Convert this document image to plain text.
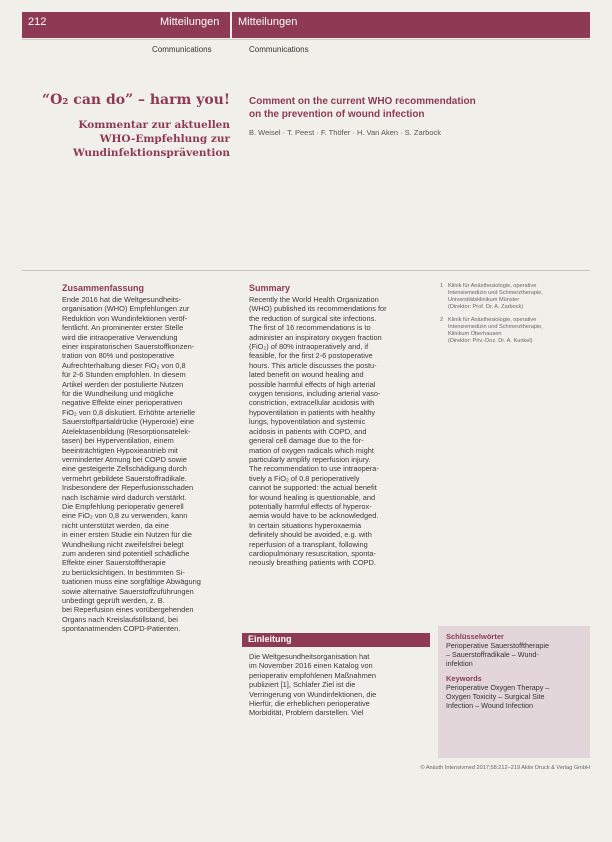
212	Mitteilungen Mitteilungen
Communications	Communications
“O₂ can do” – harm you!
Kommentar zur aktuellen
WHO-Empfehlung zur
Wundinfektionsprävention
Comment on the current WHO recommendation
on the prevention of wound infection
B. Weisel · T. Peest · F. Thöfer · H. Van Aken · S. Zarbock
Zusammenfassung
Ende 2016 hat die Weltgesundheits-
organisation (WHO) Empfehlungen zur
Reduktion von Wundinfektionen veröf-
fentlicht. An prominenter erster Stelle
wird die intraoperative Verwendung
einer inspiratorischen Sauerstoffkonzen-
tration von 80% und postoperative
Aufrechterhaltung dieser FiO₂ von 0,8
für 2-6 Stunden empfohlen. In diesem
Artikel werden der postulierte Nutzen
für die Wundheilung und mögliche
negative Effekte einer perioperativen
FiO₂ von 0,8 diskutiert. Erhöhte arterielle
Sauerstoffpartialdrücke (Hyperoxie) eine
Atelektasenbildung (Resorptionsatelek-
tasen) bei Hyperventilation, einem
beeinträchtigten Hypoxieantrieb mit
verminderter Atmung bei COPD sowie
eine gesteigerte Zellschädigung durch
vermehrt gebildete Sauerstoffradikale.
Insbesondere der Reperfusionsschaden
nach Ischämie wird dadurch verstärkt.
Die Empfehlung perioperativ generell
eine FiO₂ von 0,8 zu verwenden, kann
nicht unterstützt werden, da eine
in einer ersten Studie ein Nutzen für die
Wundheilung nicht zweifelsfrei belegt
zum anderen sind potentiell schädliche
Effekte einer Sauerstofftherapie
zu berücksichtigen. In bestimmten Si-
tuationen muss eine sorgfältige Abwägung
sowie alternative Sauerstoffzuführungen
unbedingt geprüft werden, z. B.
bei Reperfusion eines vorübergehenden
Organs nach Kreislaufstillstand, bei
spontanatmenden COPD-Patienten.
Summary
Recently the World Health Organization
(WHO) published its recommendations for
the reduction of surgical site infections.
The first of 16 recommendations is to
administer an inspiratory oxygen fraction
(FiO₂) of 80% intraoperatively and, if
feasible, for the first 2-6 postoperative
hours. This article discusses the postu-
lated benefit on wound healing and
possible harmful effects of high arterial
oxygen tensions, including arterial vaso-
constriction, extracellular acidosis with
hypoventilation in patients with healthy
lungs, hypoventilation and systemic
acidosis in patients with COPD, and
general cell damage due to the for-
mation of oxygen radicals which might
particularly amplify reperfusion injury.
The recommendation to use intraopera-
tively a FiO₂ of 0.8 perioperatively
cannot be supported: the actual benefit
for wound healing is questionable, and
potentially harmful effects of hyperox-
aemia would have to be acknowledged.
In certain situations hyperoxaemia
definitely should be avoided, e.g. with
reperfusion of a transplant, following
cardiopulmonary resuscitation, sponta-
neously breathing patients with COPD.
1 Klinik für Anästhesiologie, operative
Intensivmedizin und Schmerztherapie,
Universitätsklinikum Münster
(Direktor: Prof. Dr. A. Zarbock)
2 Klinik für Anästhesiologie, operative
Intensivmedizin und Schmerztherapie,
Klinikum Oberhausen
(Direktor: Priv.-Doz. Dr. A. Kunkel)
Einleitung
Die Weltgesundheitsorganisation hat
im November 2016 einen Katalog von
perioperativ empfohlenen Maßnahmen
publiziert [1], Schlafer Ziel ist die
Verringerung von Wundinfektionen, die
Hierfür, die erheblichen perioperative
Morbidität, Problem darstellen. Viel
Schlüsselwörter
Perioperative Sauerstofftherapie
– Sauerstoffradikale – Wund-
infektion
Keywords
Perioperative Oxygen Therapy –
Oxygen Toxicity – Surgical Site
Infection – Wound Infection
© Anästh Intensivmed 2017;58:212–219 Aktiv Druck & Verlag GmbH
